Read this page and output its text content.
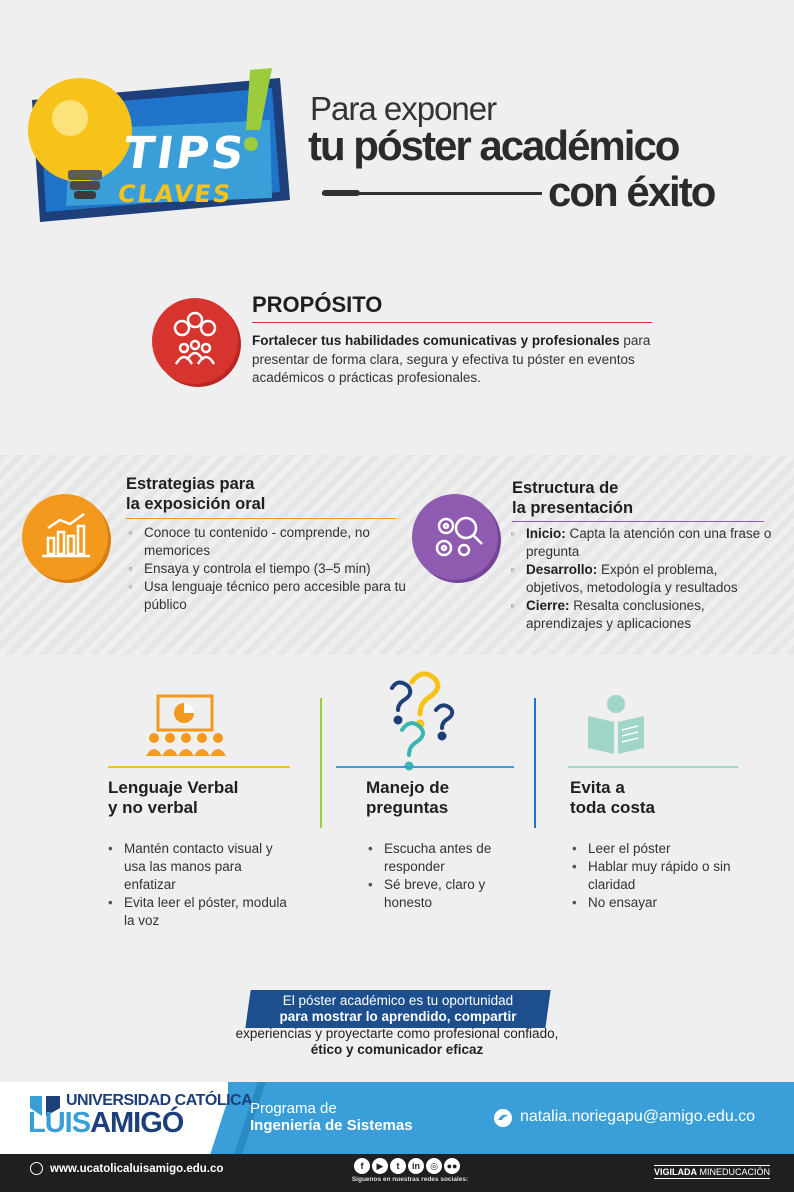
TIPS
CLAVES
Para exponer
tu póster académico
con éxito
PROPÓSITO
Fortalecer tus habilidades comunicativas y profesionales para presentar de forma clara, segura y efectiva tu póster en eventos académicos o prácticas profesionales.
Estrategias para
la exposición oral
◦ Conoce tu contenido - comprende, no memorices
◦ Ensaya y controla el tiempo (3–5 min)
◦ Usa lenguaje técnico pero accesible para tu público
Estructura de
la presentación
◦ Inicio: Capta la atención con una frase o pregunta
◦ Desarrollo: Expón el problema, objetivos, metodología y resultados
◦ Cierre: Resalta conclusiones, aprendizajes y aplicaciones
Lenguaje Verbal
y no verbal
• Mantén contacto visual y usa las manos para enfatizar
• Evita leer el póster, modula la voz
Manejo de
preguntas
• Escucha antes de responder
• Sé breve, claro y honesto
Evita a
toda costa
• Leer el póster
• Hablar muy rápido o sin claridad
• No ensayar
El póster académico es tu oportunidad
para mostrar lo aprendido, compartir
experiencias y proyectarte como profesional confiado,
ético y comunicador eficaz
UNIVERSIDAD CATÓLICA
LUISAMIGÓ	Programa de
Ingeniería de Sistemas
natalia.noriegapu@amigo.edu.co
www.ucatolicaluisamigo.edu.co	f	▶	t	in	◎ ●●
Síguenos en nuestras redes sociales:
VIGILADA MINEDUCACIÓN
